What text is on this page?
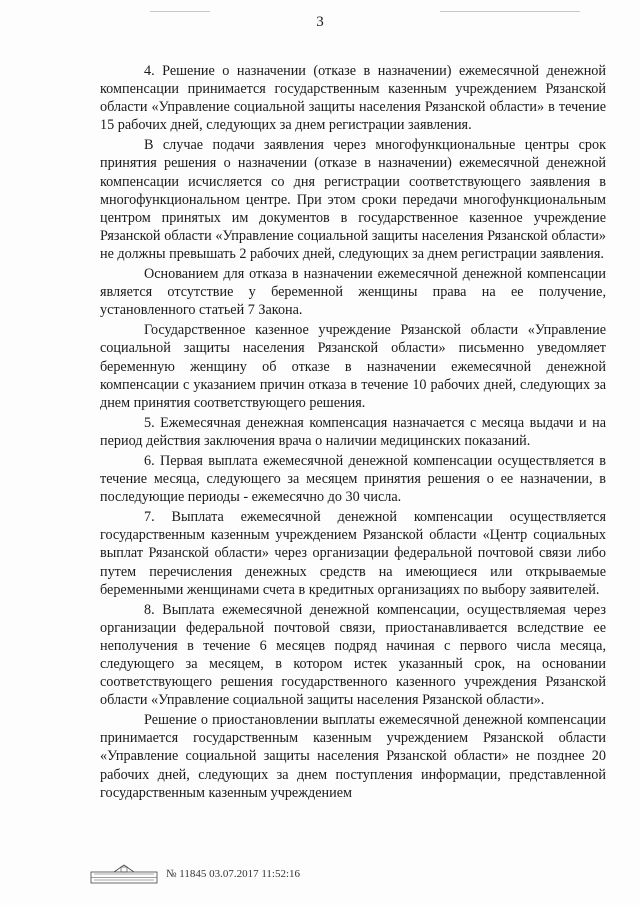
3

4. Решение о назначении (отказе в назначении) ежемесячной денежной компенсации принимается государственным казенным учреждением Рязанской области «Управление социальной защиты населения Рязанской области» в течение 15 рабочих дней, следующих за днем регистрации заявления.

В случае подачи заявления через многофункциональные центры срок принятия решения о назначении (отказе в назначении) ежемесячной денежной компенсации исчисляется со дня регистрации соответствующего заявления в многофункциональном центре. При этом сроки передачи многофункциональным центром принятых им документов в государственное казенное учреждение Рязанской области «Управление социальной защиты населения Рязанской области» не должны превышать 2 рабочих дней, следующих за днем регистрации заявления.

Основанием для отказа в назначении ежемесячной денежной компенсации является отсутствие у беременной женщины права на ее получение, установленного статьей 7 Закона.

Государственное казенное учреждение Рязанской области «Управление социальной защиты населения Рязанской области» письменно уведомляет беременную женщину об отказе в назначении ежемесячной денежной компенсации с указанием причин отказа в течение 10 рабочих дней, следующих за днем принятия соответствующего решения.

5. Ежемесячная денежная компенсация назначается с месяца выдачи и на период действия заключения врача о наличии медицинских показаний.

6. Первая выплата ежемесячной денежной компенсации осуществляется в течение месяца, следующего за месяцем принятия решения о ее назначении, в последующие периоды - ежемесячно до 30 числа.

7. Выплата ежемесячной денежной компенсации осуществляется государственным казенным учреждением Рязанской области «Центр социальных выплат Рязанской области» через организации федеральной почтовой связи либо путем перечисления денежных средств на имеющиеся или открываемые беременными женщинами счета в кредитных организациях по выбору заявителей.

8. Выплата ежемесячной денежной компенсации, осуществляемая через организации федеральной почтовой связи, приостанавливается вследствие ее неполучения в течение 6 месяцев подряд начиная с первого числа месяца, следующего за месяцем, в котором истек указанный срок, на основании соответствующего решения государственного казенного учреждения Рязанской области «Управление социальной защиты населения Рязанской области».

Решение о приостановлении выплаты ежемесячной денежной компенсации принимается государственным казенным учреждением Рязанской области «Управление социальной защиты населения Рязанской области» не позднее 20 рабочих дней, следующих за днем поступления информации, представленной государственным казенным учреждением

№ 11845 03.07.2017 11:52:16
